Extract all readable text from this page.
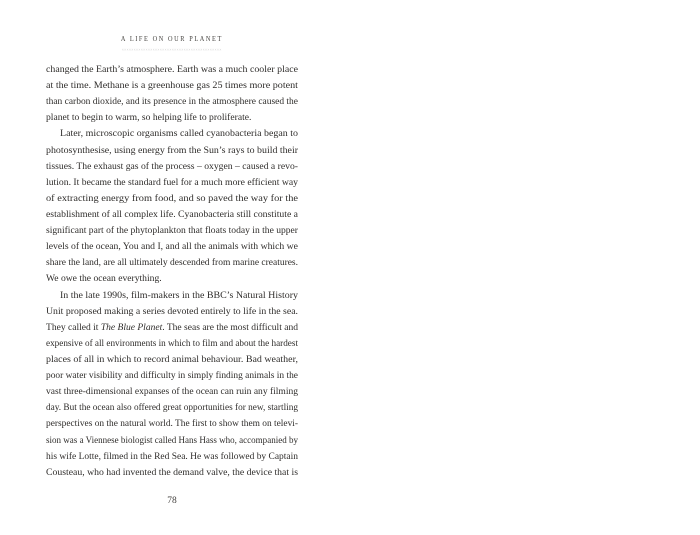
A LIFE ON OUR PLANET
××××××××××××××××××××××××××××××××××××××××××
changed the Earth’s atmosphere. Earth was a much cooler place
at the time. Methane is a greenhouse gas 25 times more potent
than carbon dioxide, and its presence in the atmosphere caused the
planet to begin to warm, so helping life to proliferate.
Later, microscopic organisms called cyanobacteria began to
photosynthesise, using energy from the Sun’s rays to build their
tissues. The exhaust gas of the process – oxygen – caused a revo-
lution. It became the standard fuel for a much more efficient way
of extracting energy from food, and so paved the way for the
establishment of all complex life. Cyanobacteria still constitute a
significant part of the phytoplankton that floats today in the upper
levels of the ocean, You and I, and all the animals with which we
share the land, are all ultimately descended from marine creatures.
We owe the ocean everything.
In the late 1990s, film-makers in the BBC’s Natural History
Unit proposed making a series devoted entirely to life in the sea.
They called it The Blue Planet. The seas are the most difficult and
expensive of all environments in which to film and about the hardest
places of all in which to record animal behaviour. Bad weather,
poor water visibility and difficulty in simply finding animals in the
vast three-dimensional expanses of the ocean can ruin any filming
day. But the ocean also offered great opportunities for new, startling
perspectives on the natural world. The first to show them on televi-
sion was a Viennese biologist called Hans Hass who, accompanied by
his wife Lotte, filmed in the Red Sea. He was followed by Captain
Cousteau, who had invented the demand valve, the device that is
78
